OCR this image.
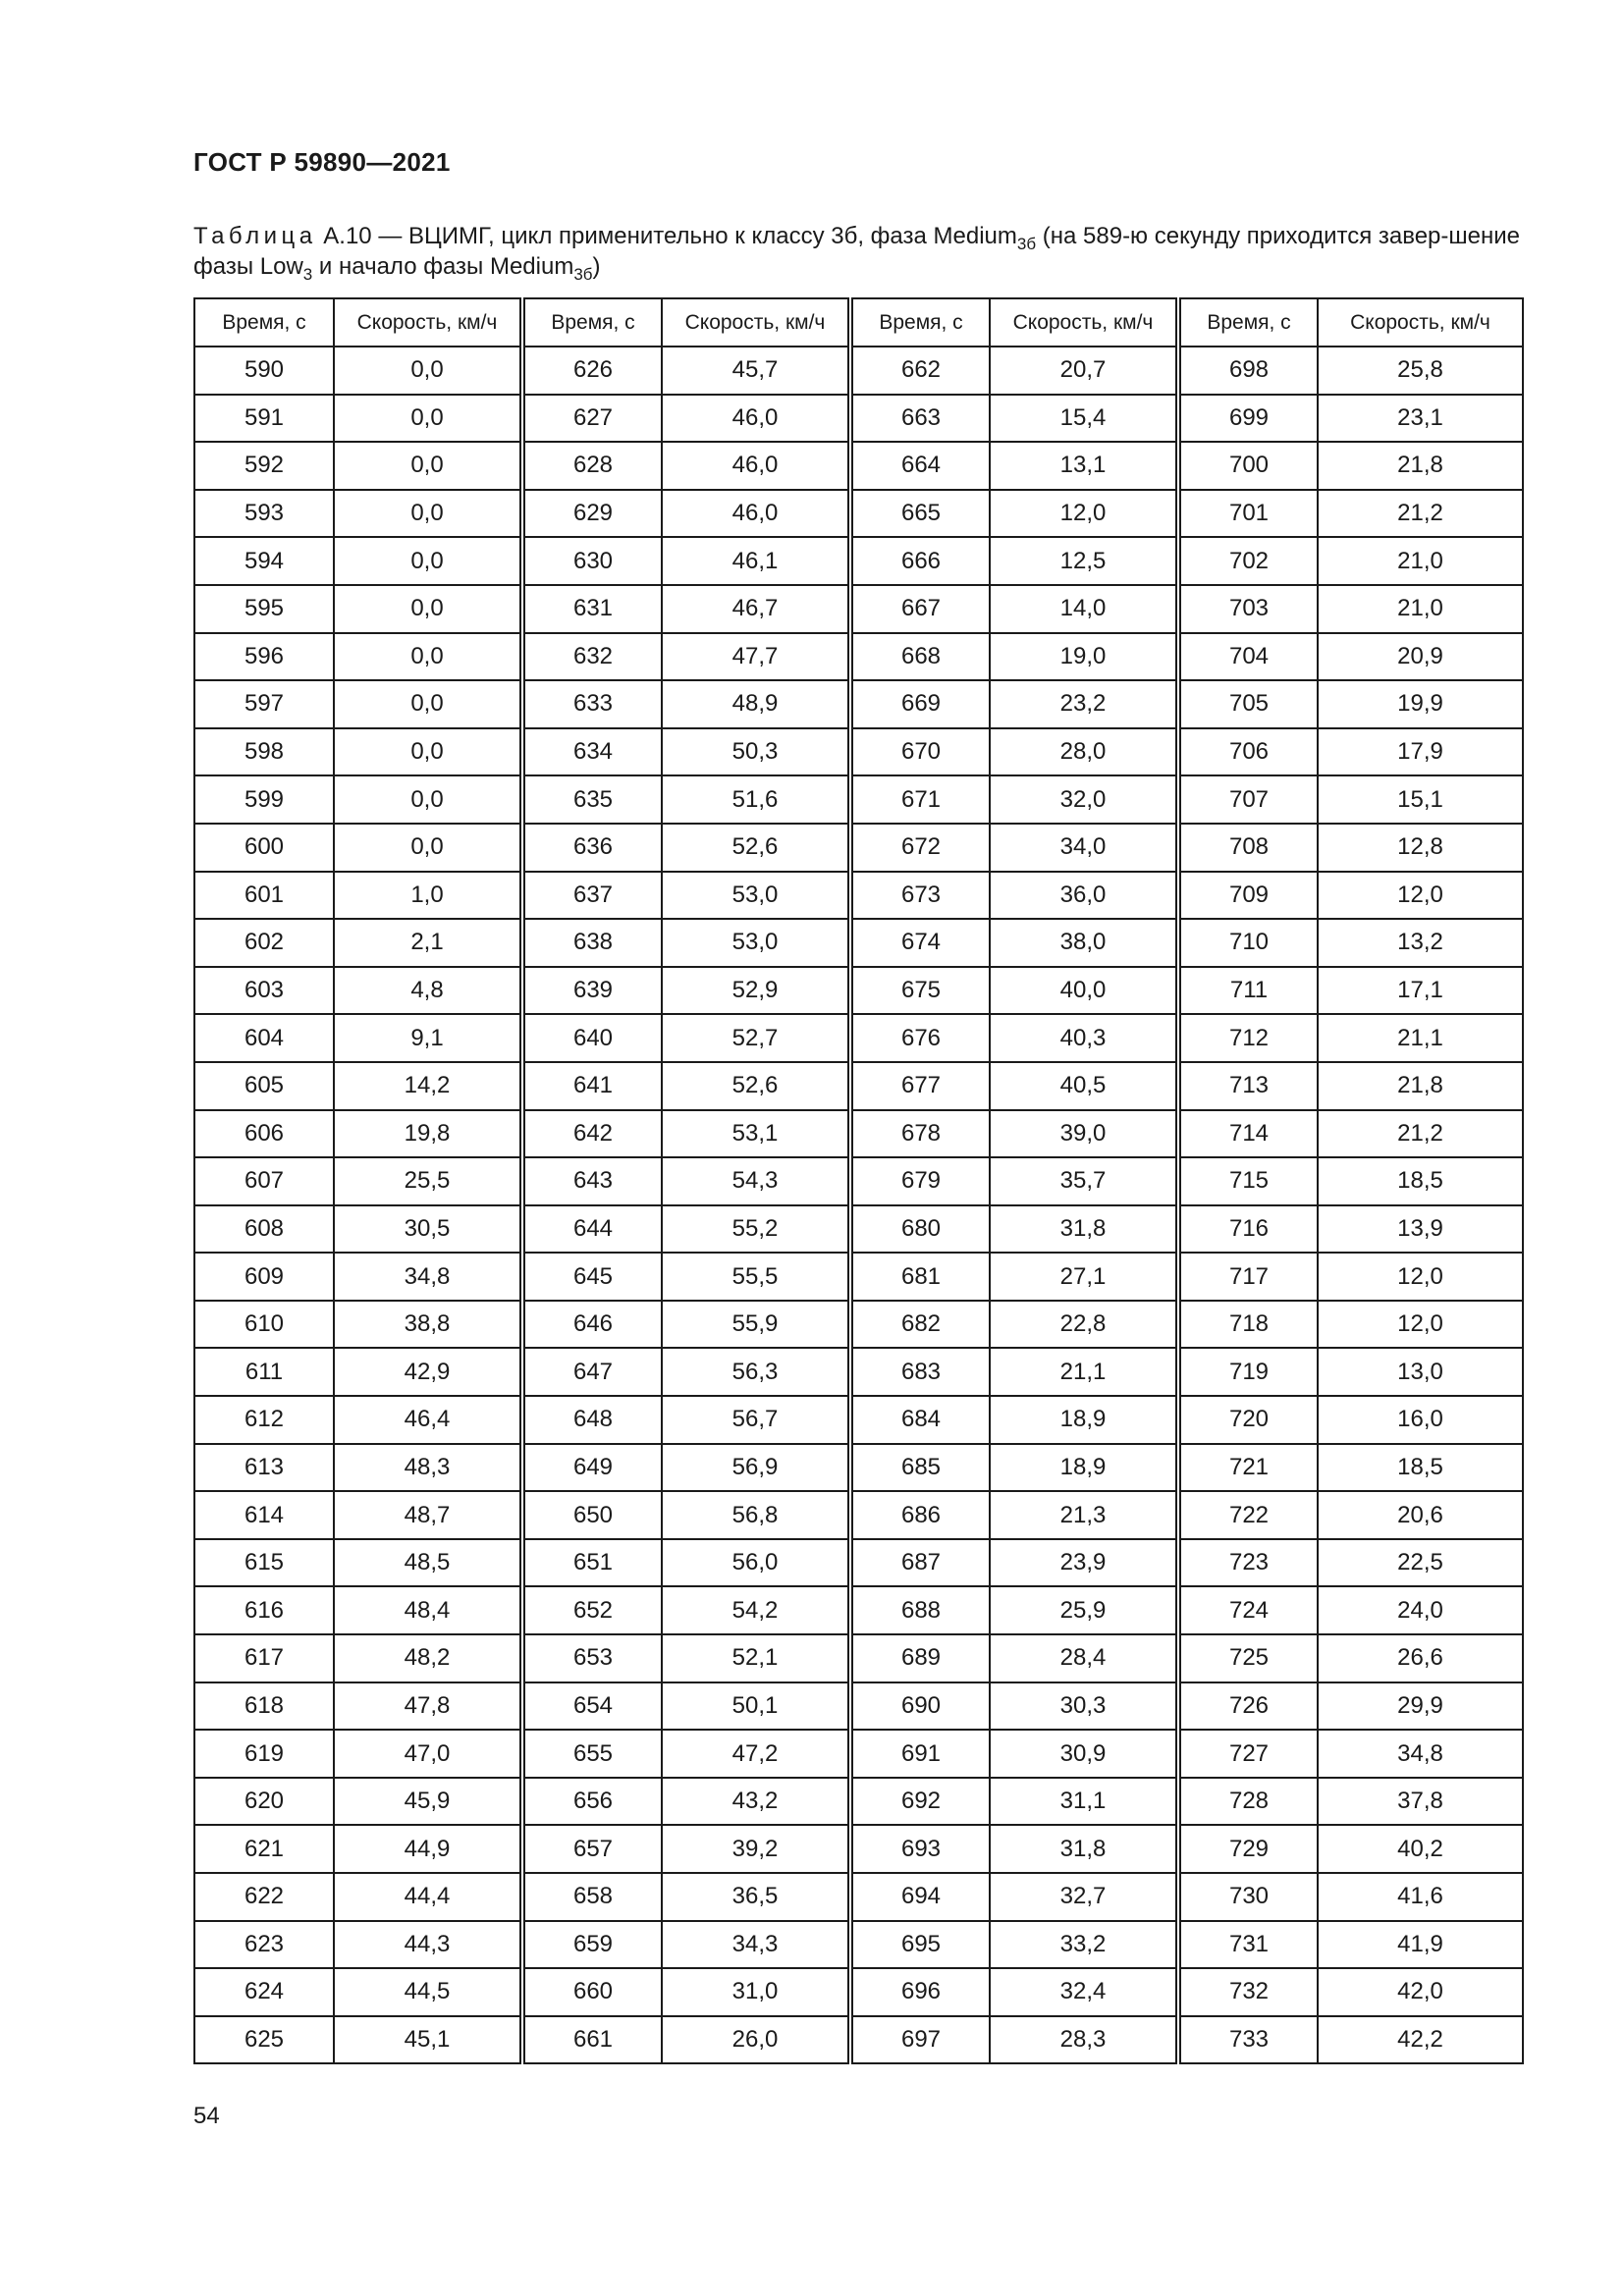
ГОСТ Р 59890—2021
Таблица А.10 — ВЦИМГ, цикл применительно к классу 3б, фаза Medium$_{3б}$ (на 589-ю секунду приходится завер-шение фазы Low$_3$ и начало фазы Medium$_{3б}$)
Время, с	Скорость, км/ч	Время, с	Скорость, км/ч	Время, с	Скорость, км/ч	Время, с	Скорость, км/ч
590	0,0	626	45,7	662	20,7	698	25,8
591	0,0	627	46,0	663	15,4	699	23,1
592	0,0	628	46,0	664	13,1	700	21,8
593	0,0	629	46,0	665	12,0	701	21,2
594	0,0	630	46,1	666	12,5	702	21,0
595	0,0	631	46,7	667	14,0	703	21,0
596	0,0	632	47,7	668	19,0	704	20,9
597	0,0	633	48,9	669	23,2	705	19,9
598	0,0	634	50,3	670	28,0	706	17,9
599	0,0	635	51,6	671	32,0	707	15,1
600	0,0	636	52,6	672	34,0	708	12,8
601	1,0	637	53,0	673	36,0	709	12,0
602	2,1	638	53,0	674	38,0	710	13,2
603	4,8	639	52,9	675	40,0	711	17,1
604	9,1	640	52,7	676	40,3	712	21,1
605	14,2	641	52,6	677	40,5	713	21,8
606	19,8	642	53,1	678	39,0	714	21,2
607	25,5	643	54,3	679	35,7	715	18,5
608	30,5	644	55,2	680	31,8	716	13,9
609	34,8	645	55,5	681	27,1	717	12,0
610	38,8	646	55,9	682	22,8	718	12,0
611	42,9	647	56,3	683	21,1	719	13,0
612	46,4	648	56,7	684	18,9	720	16,0
613	48,3	649	56,9	685	18,9	721	18,5
614	48,7	650	56,8	686	21,3	722	20,6
615	48,5	651	56,0	687	23,9	723	22,5
616	48,4	652	54,2	688	25,9	724	24,0
617	48,2	653	52,1	689	28,4	725	26,6
618	47,8	654	50,1	690	30,3	726	29,9
619	47,0	655	47,2	691	30,9	727	34,8
620	45,9	656	43,2	692	31,1	728	37,8
621	44,9	657	39,2	693	31,8	729	40,2
622	44,4	658	36,5	694	32,7	730	41,6
623	44,3	659	34,3	695	33,2	731	41,9
624	44,5	660	31,0	696	32,4	732	42,0
625	45,1	661	26,0	697	28,3	733	42,2
54
